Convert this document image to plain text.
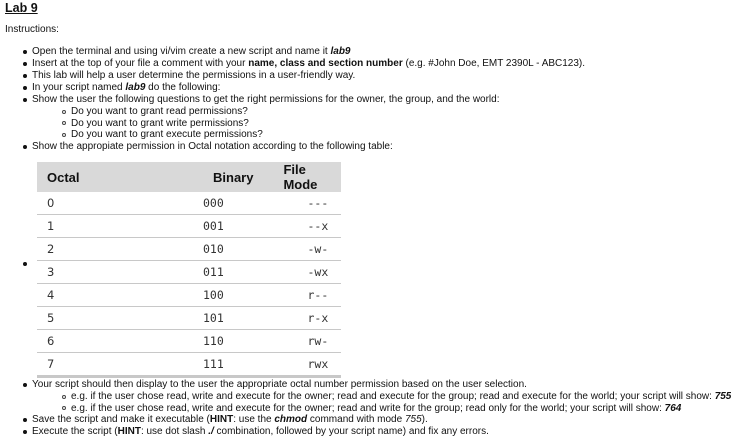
Lab 9
Instructions:
Open the terminal and using vi/vim create a new script and name it lab9
Insert at the top of your file a comment with your name, class and section number (e.g. #John Doe, EMT 2390L - ABC123).
This lab will help a user determine the permissions in a user-friendly way.
In your script named lab9 do the following:
Show the user the following questions to get the right permissions for the owner, the group, and the world:
Do you want to grant read permissions?
Do you want to grant write permissions?
Do you want to grant execute permissions?
Show the appropiate permission in Octal notation according to the following table:
Octal	Binary	File Mode
0	000	---
1	001	--x
2	010	-w-
3	011	-wx
4	100	r--
5	101	r-x
6	110	rw-
7	111	rwx
Your script should then display to the user the appropriate octal number permission based on the user selection.
e.g. if the user chose read, write and execute for the owner; read and execute for the group; read and execute for the world; your script will show: 755
e.g. if the user chose read, write and execute for the owner; read and write for the group; read only for the world; your script will show: 764
Save the script and make it executable (HINT: use the chmod command with mode 755).
Execute the script (HINT: use dot slash ./ combination, followed by your script name) and fix any errors.
